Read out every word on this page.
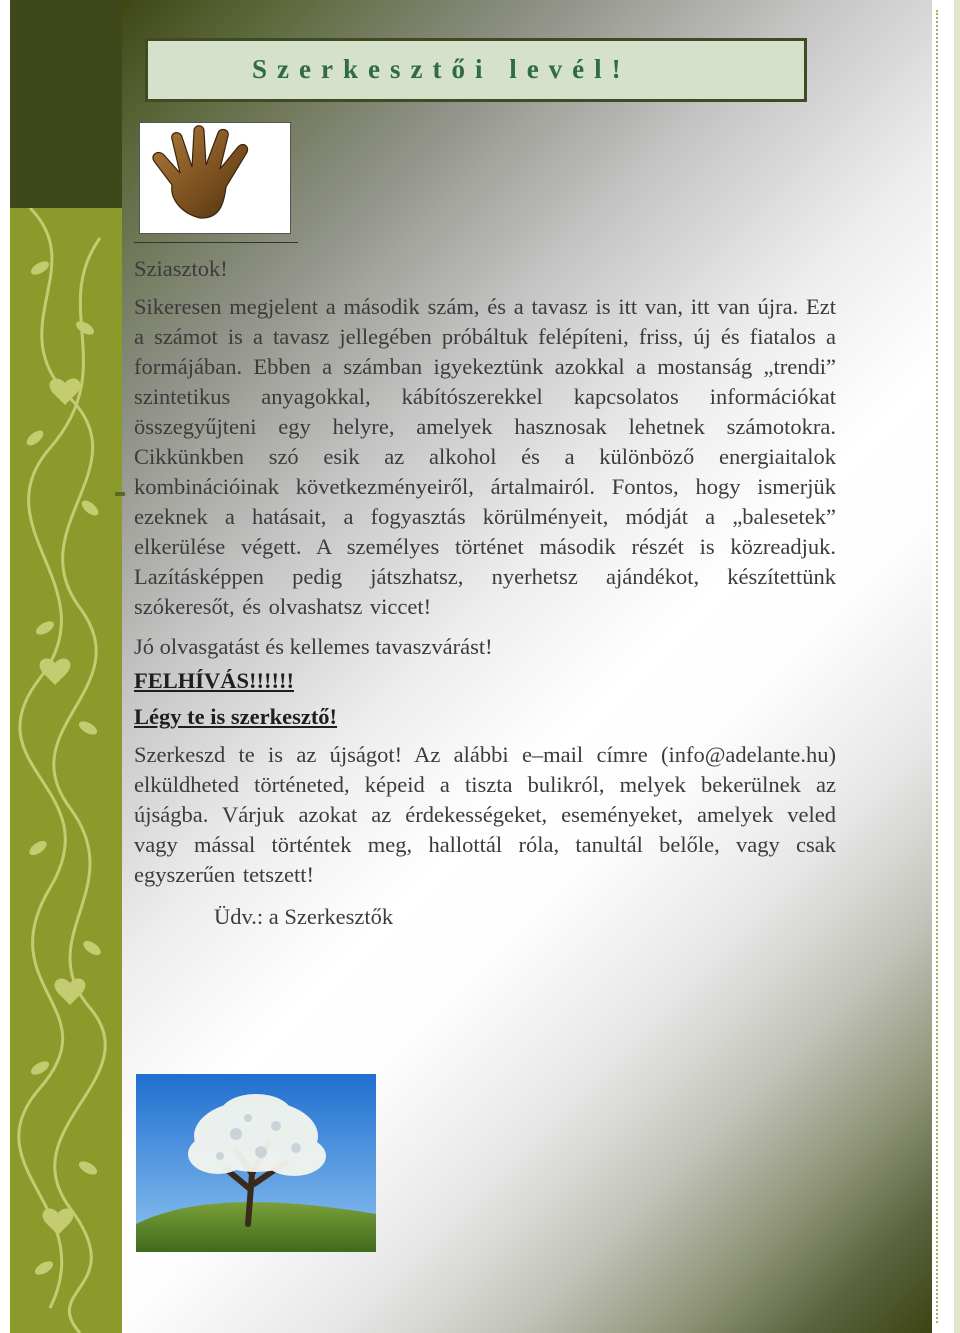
Szerkesztői levél!

Sziasztok!

Sikeresen megjelent a második szám, és a tavasz is itt van, itt van újra. Ezt a számot is a tavasz jellegében próbáltuk felépíteni, friss, új és fiatalos a formájában. Ebben a számban igyekeztünk azokkal a mostanság „trendi” szintetikus anyagokkal, kábítószerekkel kapcsolatos információkat összegyűjteni egy helyre, amelyek hasznosak lehetnek számotokra. Cikkünkben szó esik az alkohol és a különböző energiaitalok kombinációinak következményeiről, ártalmairól. Fontos, hogy ismerjük ezeknek a hatásait, a fogyasztás körülményeit, módját a „balesetek” elkerülése végett. A személyes történet második részét is közreadjuk. Lazításképpen pedig játszhatsz, nyerhetsz ajándékot, készítettünk szókeresőt, és olvashatsz viccet!

Jó olvasgatást és kellemes tavaszvárást!

FELHÍVÁS!!!!!!

Légy te is szerkesztő!

Szerkeszd te is az újságot! Az alábbi e–mail címre (info@adelante.hu) elküldheted történeted, képeid a tiszta bulikról, melyek bekerülnek az újságba. Várjuk azokat az érdekességeket, eseményeket, amelyek veled vagy mással történtek meg, hallottál róla, tanultál belőle, vagy csak egyszerűen tetszett!

Üdv.: a Szerkesztők
